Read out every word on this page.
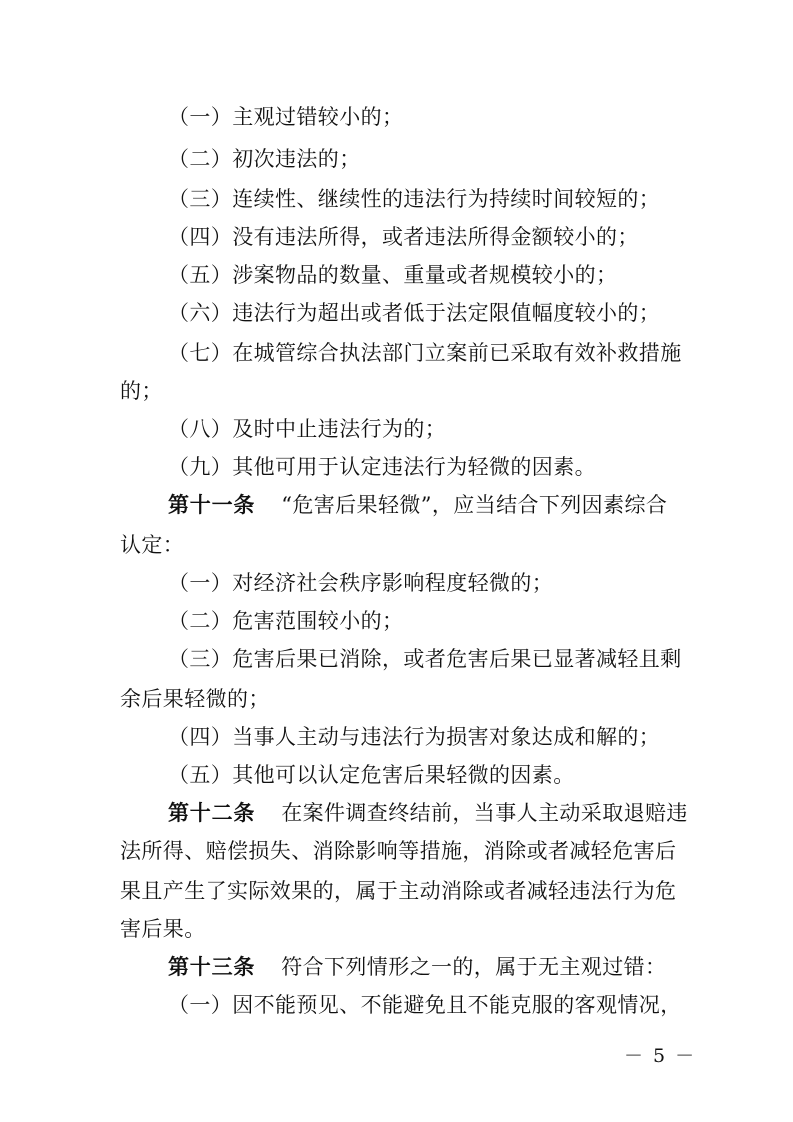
（一）主观过错较小的；
（二）初次违法的；
（三）连续性、继续性的违法行为持续时间较短的；
（四）没有违法所得，或者违法所得金额较小的；
（五）涉案物品的数量、重量或者规模较小的；
（六）违法行为超出或者低于法定限值幅度较小的；
（七）在城管综合执法部门立案前已采取有效补救措施
的；
（八）及时中止违法行为的；
（九）其他可用于认定违法行为轻微的因素。
第十一条 “危害后果轻微”，应当结合下列因素综合
认定：
（一）对经济社会秩序影响程度轻微的；
（二）危害范围较小的；
（三）危害后果已消除，或者危害后果已显著减轻且剩
余后果轻微的；
（四）当事人主动与违法行为损害对象达成和解的；
（五）其他可以认定危害后果轻微的因素。
第十二条 在案件调查终结前，当事人主动采取退赔违
法所得、赔偿损失、消除影响等措施，消除或者减轻危害后
果且产生了实际效果的，属于主动消除或者减轻违法行为危
害后果。
第十三条 符合下列情形之一的，属于无主观过错：
（一）因不能预见、不能避免且不能克服的客观情况，
－ 5 －
